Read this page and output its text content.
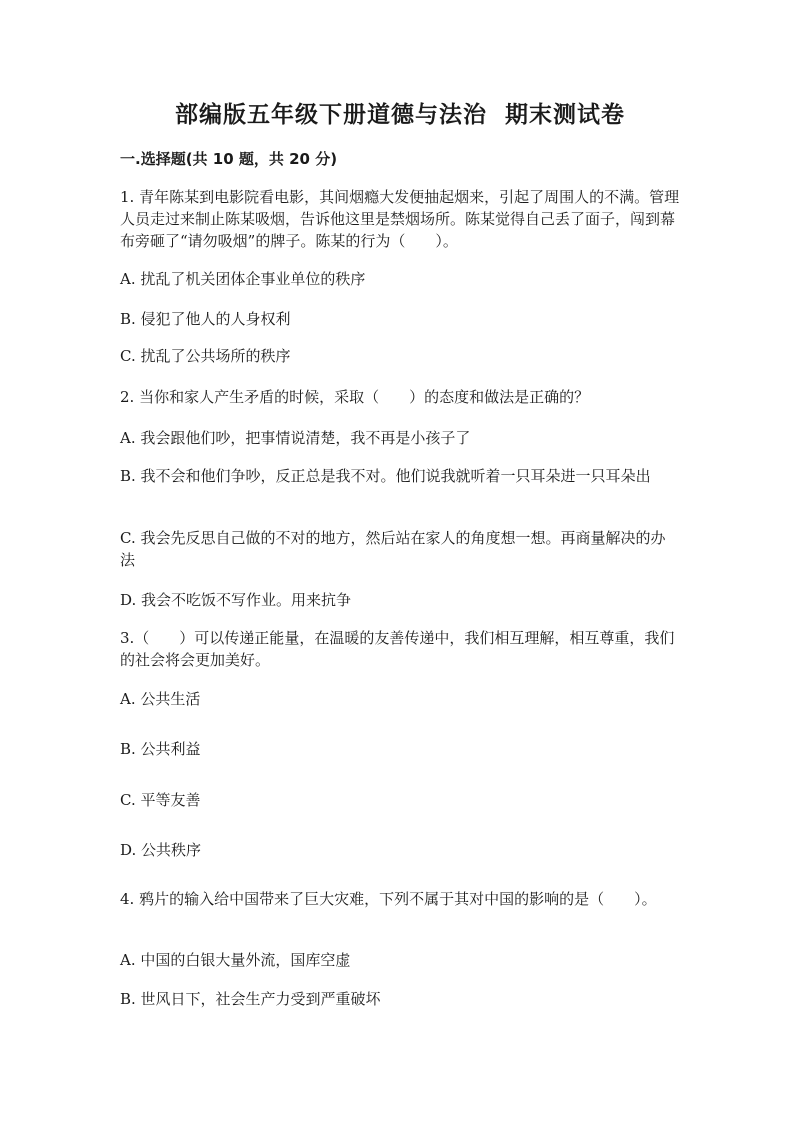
部编版五年级下册道德与法治  期末测试卷
一.选择题(共 10 题，共 20 分)
1. 青年陈某到电影院看电影，其间烟瘾大发便抽起烟来，引起了周围人的不满。管理人员走过来制止陈某吸烟，告诉他这里是禁烟场所。陈某觉得自己丢了面子，闯到幕布旁砸了“请勿吸烟”的牌子。陈某的行为（　　）。
A. 扰乱了机关团体企事业单位的秩序
B. 侵犯了他人的人身权利
C. 扰乱了公共场所的秩序
2. 当你和家人产生矛盾的时候，采取（　　）的态度和做法是正确的？
A. 我会跟他们吵，把事情说清楚，我不再是小孩子了
B. 我不会和他们争吵，反正总是我不对。他们说我就听着一只耳朵进一只耳朵出
C. 我会先反思自己做的不对的地方，然后站在家人的角度想一想。再商量解决的办法
D. 我会不吃饭不写作业。用来抗争
3.（　　）可以传递正能量，在温暖的友善传递中，我们相互理解，相互尊重，我们的社会将会更加美好。
A. 公共生活
B. 公共利益
C. 平等友善
D. 公共秩序
4. 鸦片的输入给中国带来了巨大灾难，下列不属于其对中国的影响的是（　　）。
A. 中国的白银大量外流，国库空虚
B. 世风日下，社会生产力受到严重破坏
